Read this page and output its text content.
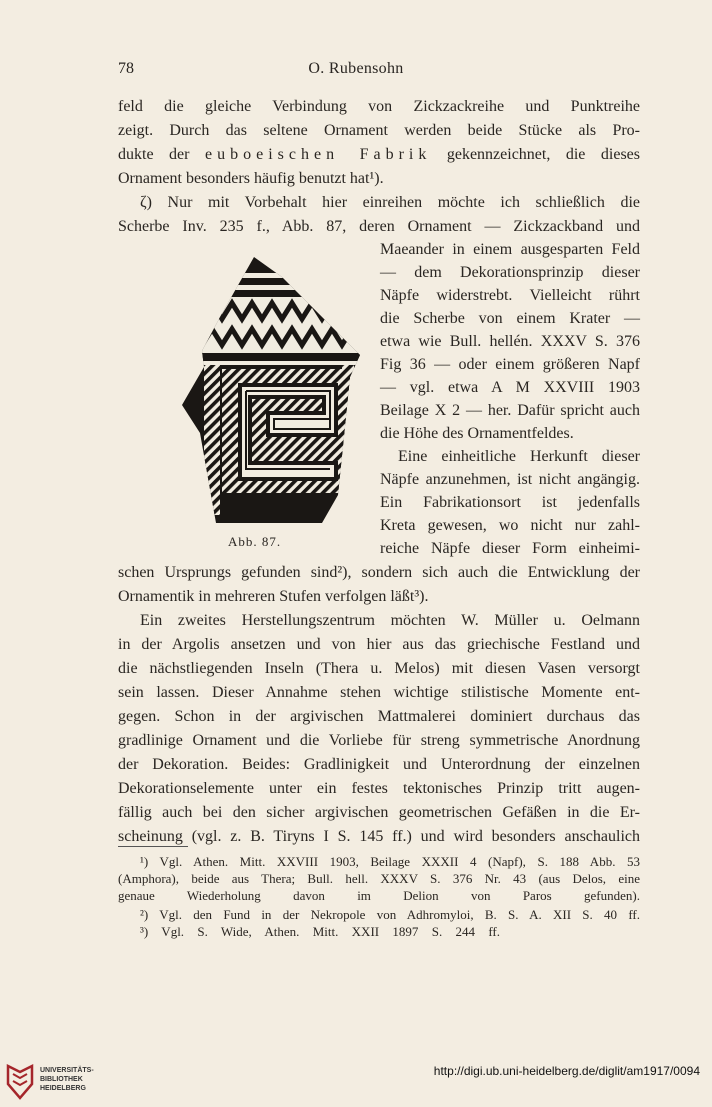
78	O. Rubensohn
feld die gleiche Verbindung von Zickzackreihe und Punktreihe
zeigt. Durch das seltene Ornament werden beide Stücke als Pro-
dukte der euboeischen Fabrik gekennzeichnet, die dieses
Ornament besonders häufig benutzt hat¹).
ζ) Nur mit Vorbehalt hier einreihen möchte ich schließlich die
Scherbe Inv. 235 f., Abb. 87, deren Ornament — Zickzackband und
Maeander in einem ausgesparten Feld
— dem Dekorationsprinzip dieser
Näpfe widerstrebt. Vielleicht rührt
die Scherbe von einem Krater —
etwa wie Bull. hellén. XXXV S. 376
Fig 36 — oder einem größeren Napf
— vgl. etwa A M XXVIII 1903
Beilage X 2 — her. Dafür spricht auch
die Höhe des Ornamentfeldes.
Eine einheitliche Herkunft dieser
Näpfe anzunehmen, ist nicht angängig.
Ein Fabrikationsort ist jedenfalls
Kreta gewesen, wo nicht nur zahl-
reiche Näpfe dieser Form einheimi-
Abb. 87.
schen Ursprungs gefunden sind²), sondern sich auch die Entwicklung der
Ornamentik in mehreren Stufen verfolgen läßt³).
Ein zweites Herstellungszentrum möchten W. Müller u. Oelmann
in der Argolis ansetzen und von hier aus das griechische Festland und
die nächstliegenden Inseln (Thera u. Melos) mit diesen Vasen versorgt
sein lassen. Dieser Annahme stehen wichtige stilistische Momente ent-
gegen. Schon in der argivischen Mattmalerei dominiert durchaus das
gradlinige Ornament und die Vorliebe für streng symmetrische Anordnung
der Dekoration. Beides: Gradlinigkeit und Unterordnung der einzelnen
Dekorationselemente unter ein festes tektonisches Prinzip tritt augen-
fällig auch bei den sicher argivischen geometrischen Gefäßen in die Er-
scheinung (vgl. z. B. Tiryns I S. 145 ff.) und wird besonders anschaulich
¹) Vgl. Athen. Mitt. XXVIII 1903, Beilage XXXII 4 (Napf), S. 188 Abb. 53
(Amphora), beide aus Thera; Bull. hell. XXXV S. 376 Nr. 43 (aus Delos, eine
genaue Wiederholung davon im Delion von Paros gefunden).
²) Vgl. den Fund in der Nekropole von Adhromyloi, B. S. A. XII S. 40 ff.
³) Vgl. S. Wide, Athen. Mitt. XXII 1897 S. 244 ff.
UNIVERSITÄTS-
BIBLIOTHEK
HEIDELBERG
http://digi.ub.uni-heidelberg.de/diglit/am1917/0094
